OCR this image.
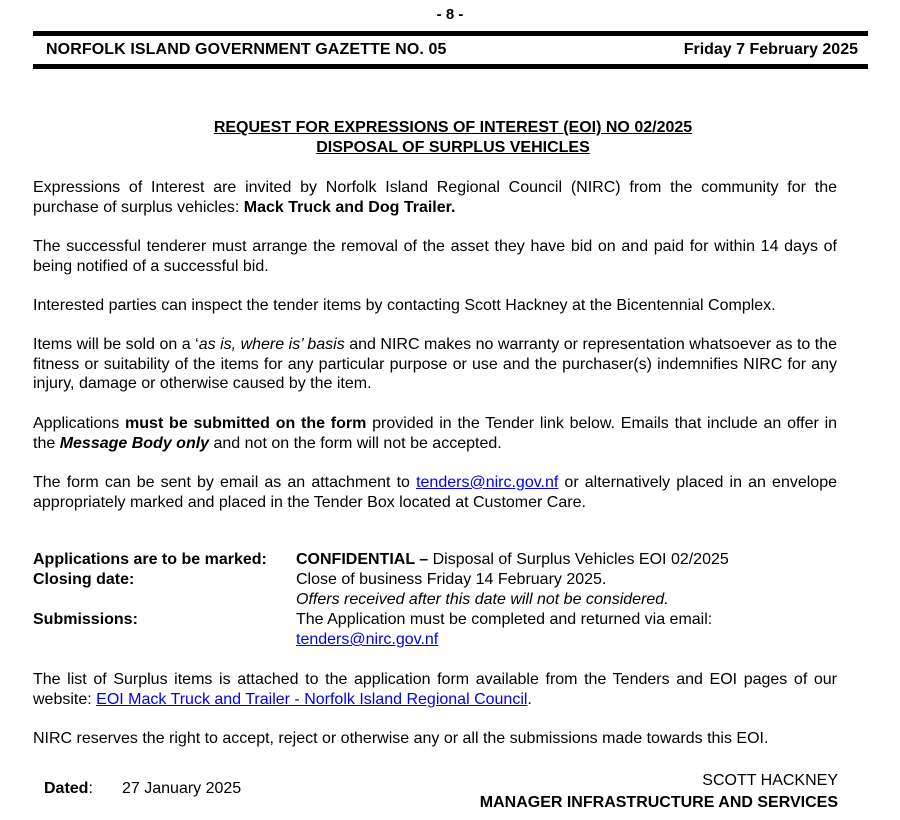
- 8 -
NORFOLK ISLAND GOVERNMENT GAZETTE NO. 05	Friday 7 February 2025
REQUEST FOR EXPRESSIONS OF INTEREST (EOI) NO 02/2025
DISPOSAL OF SURPLUS VEHICLES
Expressions of Interest are invited by Norfolk Island Regional Council (NIRC) from the community for the purchase of surplus vehicles: Mack Truck and Dog Trailer.
The successful tenderer must arrange the removal of the asset they have bid on and paid for within 14 days of being notified of a successful bid.
Interested parties can inspect the tender items by contacting Scott Hackney at the Bicentennial Complex.
Items will be sold on a ‘as is, where is’ basis and NIRC makes no warranty or representation whatsoever as to the fitness or suitability of the items for any particular purpose or use and the purchaser(s) indemnifies NIRC for any injury, damage or otherwise caused by the item.
Applications must be submitted on the form provided in the Tender link below. Emails that include an offer in the Message Body only and not on the form will not be accepted.
The form can be sent by email as an attachment to tenders@nirc.gov.nf or alternatively placed in an envelope appropriately marked and placed in the Tender Box located at Customer Care.
Applications are to be marked: CONFIDENTIAL – Disposal of Surplus Vehicles EOI 02/2025
Closing date:	Close of business Friday 14 February 2025.
Offers received after this date will not be considered.
Submissions:	The Application must be completed and returned via email:
tenders@nirc.gov.nf
The list of Surplus items is attached to the application form available from the Tenders and EOI pages of our website: EOI Mack Truck and Trailer - Norfolk Island Regional Council.
NIRC reserves the right to accept, reject or otherwise any or all the submissions made towards this EOI.
Dated: 27 January 2025	SCOTT HACKNEY
MANAGER INFRASTRUCTURE AND SERVICES
